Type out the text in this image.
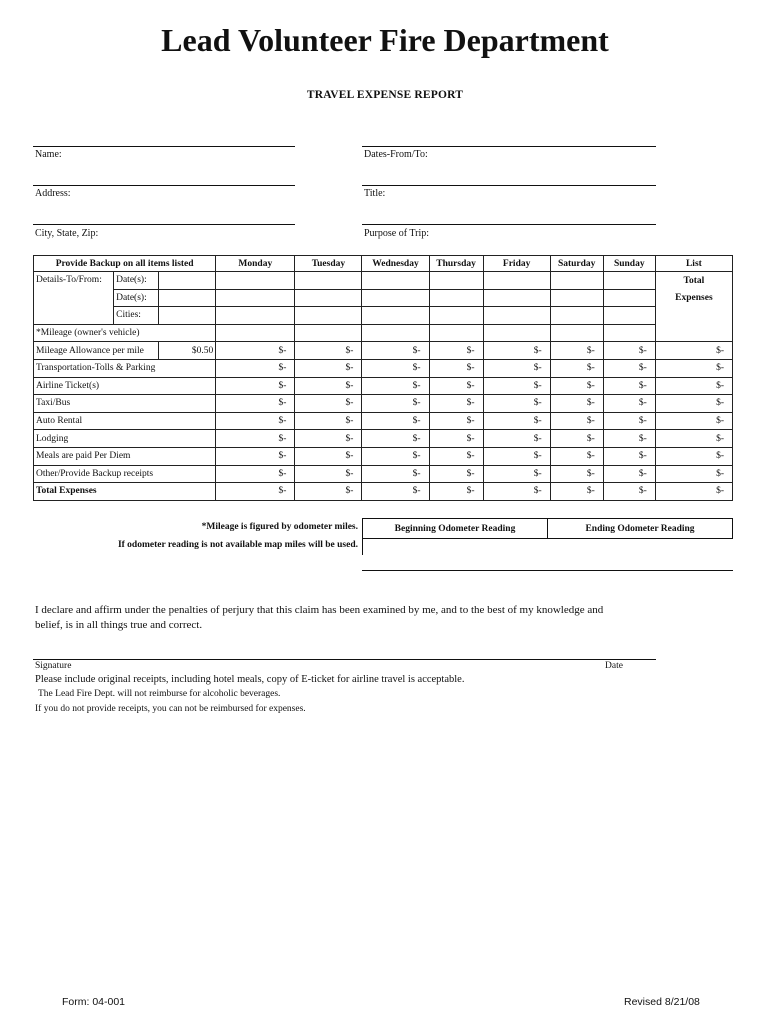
Lead Volunteer Fire Department
TRAVEL EXPENSE REPORT
Name:	Dates-From/To:
Address:	Title:
City, State, Zip:	Purpose of Trip:
Provide Backup on all items listed			Monday	Tuesday	Wednesday	Thursday	Friday	Saturday	Sunday	List
Details-To/From:	Date(s):									Total
	Date(s):									Expenses
	Cities:									
*Mileage (owner's vehicle)										
Mileage Allowance per mile		$0.50	$-	$-	$-	$-	$-	$-	$-	$-
Transportation-Tolls & Parking			$-	$-	$-	$-	$-	$-	$-	$-
Airline Ticket(s)			$-	$-	$-	$-	$-	$-	$-	$-
Taxi/Bus			$-	$-	$-	$-	$-	$-	$-	$-
Auto Rental			$-	$-	$-	$-	$-	$-	$-	$-
Lodging			$-	$-	$-	$-	$-	$-	$-	$-
Meals are paid Per Diem			$-	$-	$-	$-	$-	$-	$-	$-
Other/Provide Backup receipts			$-	$-	$-	$-	$-	$-	$-	$-
Total Expenses			$-	$-	$-	$-	$-	$-	$-	$-
*Mileage is figured by odometer miles.
If odometer reading is not available map miles will be used.
Beginning Odometer Reading	Ending Odometer Reading
I declare and affirm under the penalties of perjury that this claim has been examined by me, and to the best of my knowledge and
belief, is in all things true and correct.
Signature	Date
Please include original receipts, including hotel meals, copy of E-ticket for airline travel is acceptable.
The Lead Fire Dept. will not reimburse for alcoholic beverages.
If you do not provide receipts, you can not be reimbursed for expenses.
Form: 04-001	Revised 8/21/08
